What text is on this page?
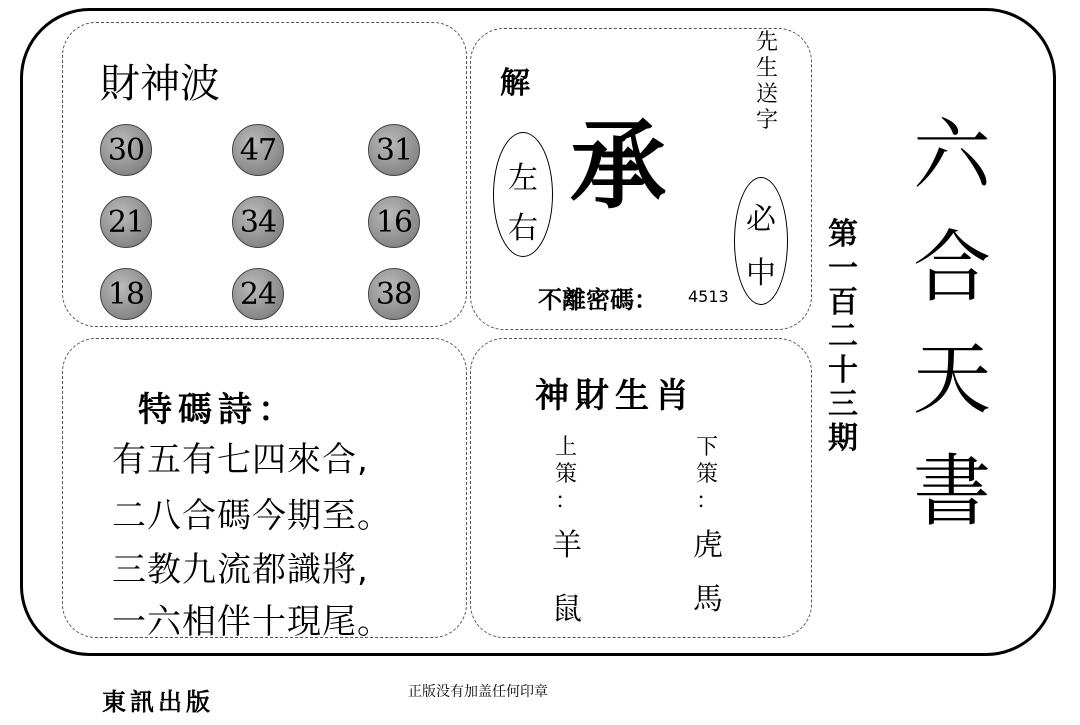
財神波
30	47	31
21	34	16
18	24	38
解
左
右
承
先
生
送
字
必
中
不離密碼： 4513
特碼詩：
有五有七四來合,
二八合碼今期至。
三教九流都識將,
一六相伴十現尾。
神財生肖
上
策
：
羊
鼠
下
策
：
虎
馬
第
一
百
二
十
三
期
六
合
天
書
東訊出版	正版没有加盖任何印章
